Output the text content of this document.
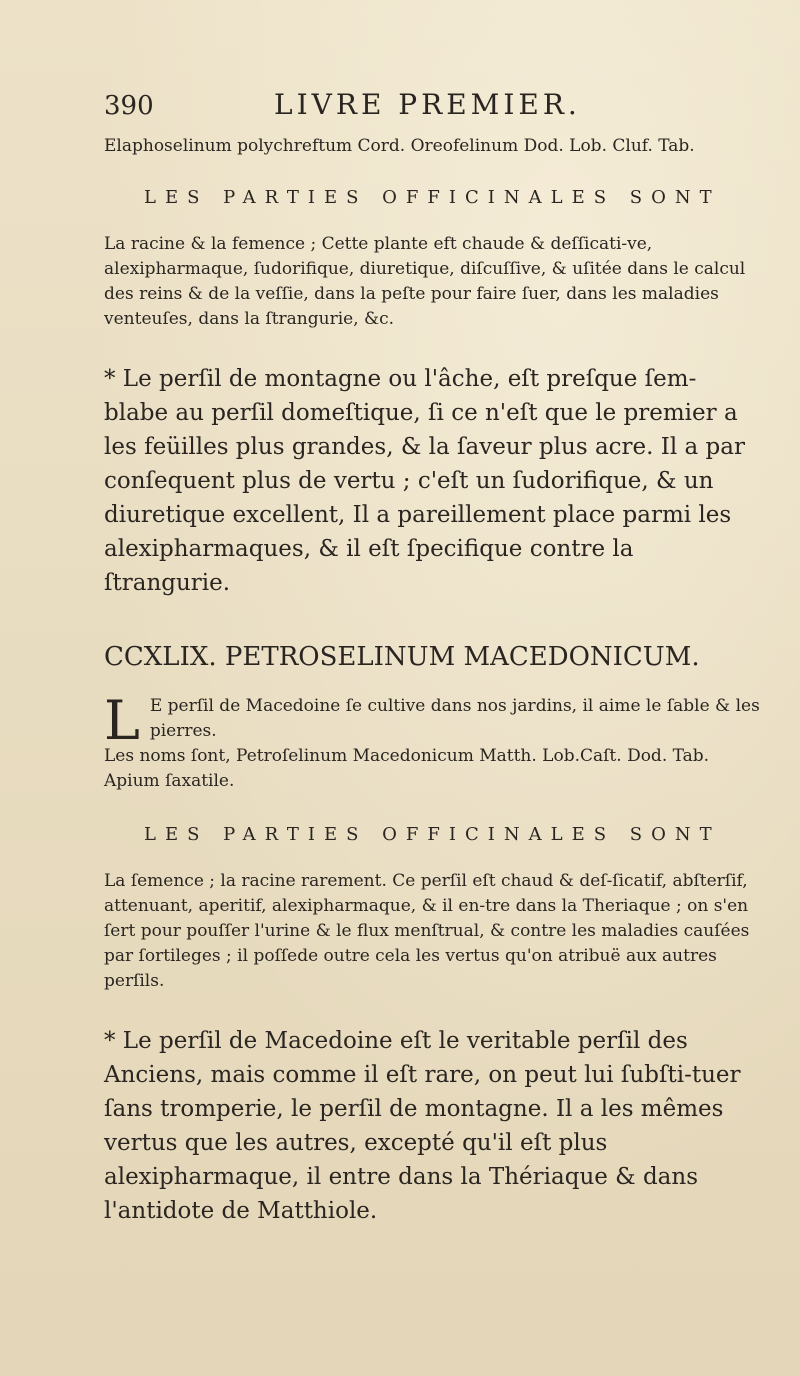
390	LIVRE PREMIER.

Elaphoselinum polychreftum Cord. Oreofelinum Dod. Lob. Cluf. Tab.

LES PARTIES OFFICINALES SONT

La racine & la femence ; Cette plante eft chaude & deſſicati-ve, alexipharmaque, ſudorifique, diuretique, diſcuſſive, & uſitée dans le calcul des reins & de la veſſie, dans la peſte pour faire ſuer, dans les maladies venteuſes, dans la ſtrangurie, &c.

* Le perſil de montagne ou l'âche, eſt preſque ſem-blabe au perſil domeſtique, ſi ce n'eſt que le premier a les feüilles plus grandes, & la ſaveur plus acre. Il a par conſequent plus de vertu ; c'eſt un ſudorifique, & un diuretique excellent, Il a pareillement place parmi les alexipharmaques, & il eſt ſpecifique contre la ſtrangurie.

CCXLIX. PETROSELINUM MACEDONICUM.
L E perſil de Macedoine ſe cultive dans nos jardins, il aime le ſable & les pierres.

Les noms ſont, Petroſelinum Macedonicum Matth. Lob.Caſt. Dod. Tab. Apium ſaxatile.

LES PARTIES OFFICINALES SONT

La ſemence ; la racine rarement. Ce perſil eſt chaud & deſ-ſicatif, abſterſif, attenuant, aperitif, alexipharmaque, & il en-tre dans la Theriaque ; on s'en ſert pour pouſſer l'urine & le flux menſtrual, & contre les maladies cauſées par ſortileges ; il poſſede outre cela les vertus qu'on atribuë aux autres perſils.

* Le perſil de Macedoine eſt le veritable perſil des Anciens, mais comme il eſt rare, on peut lui ſubſti-tuer ſans tromperie, le perſil de montagne. Il a les mêmes vertus que les autres, excepté qu'il eſt plus alexipharmaque, il entre dans la Thériaque & dans l'antidote de Matthiole.
